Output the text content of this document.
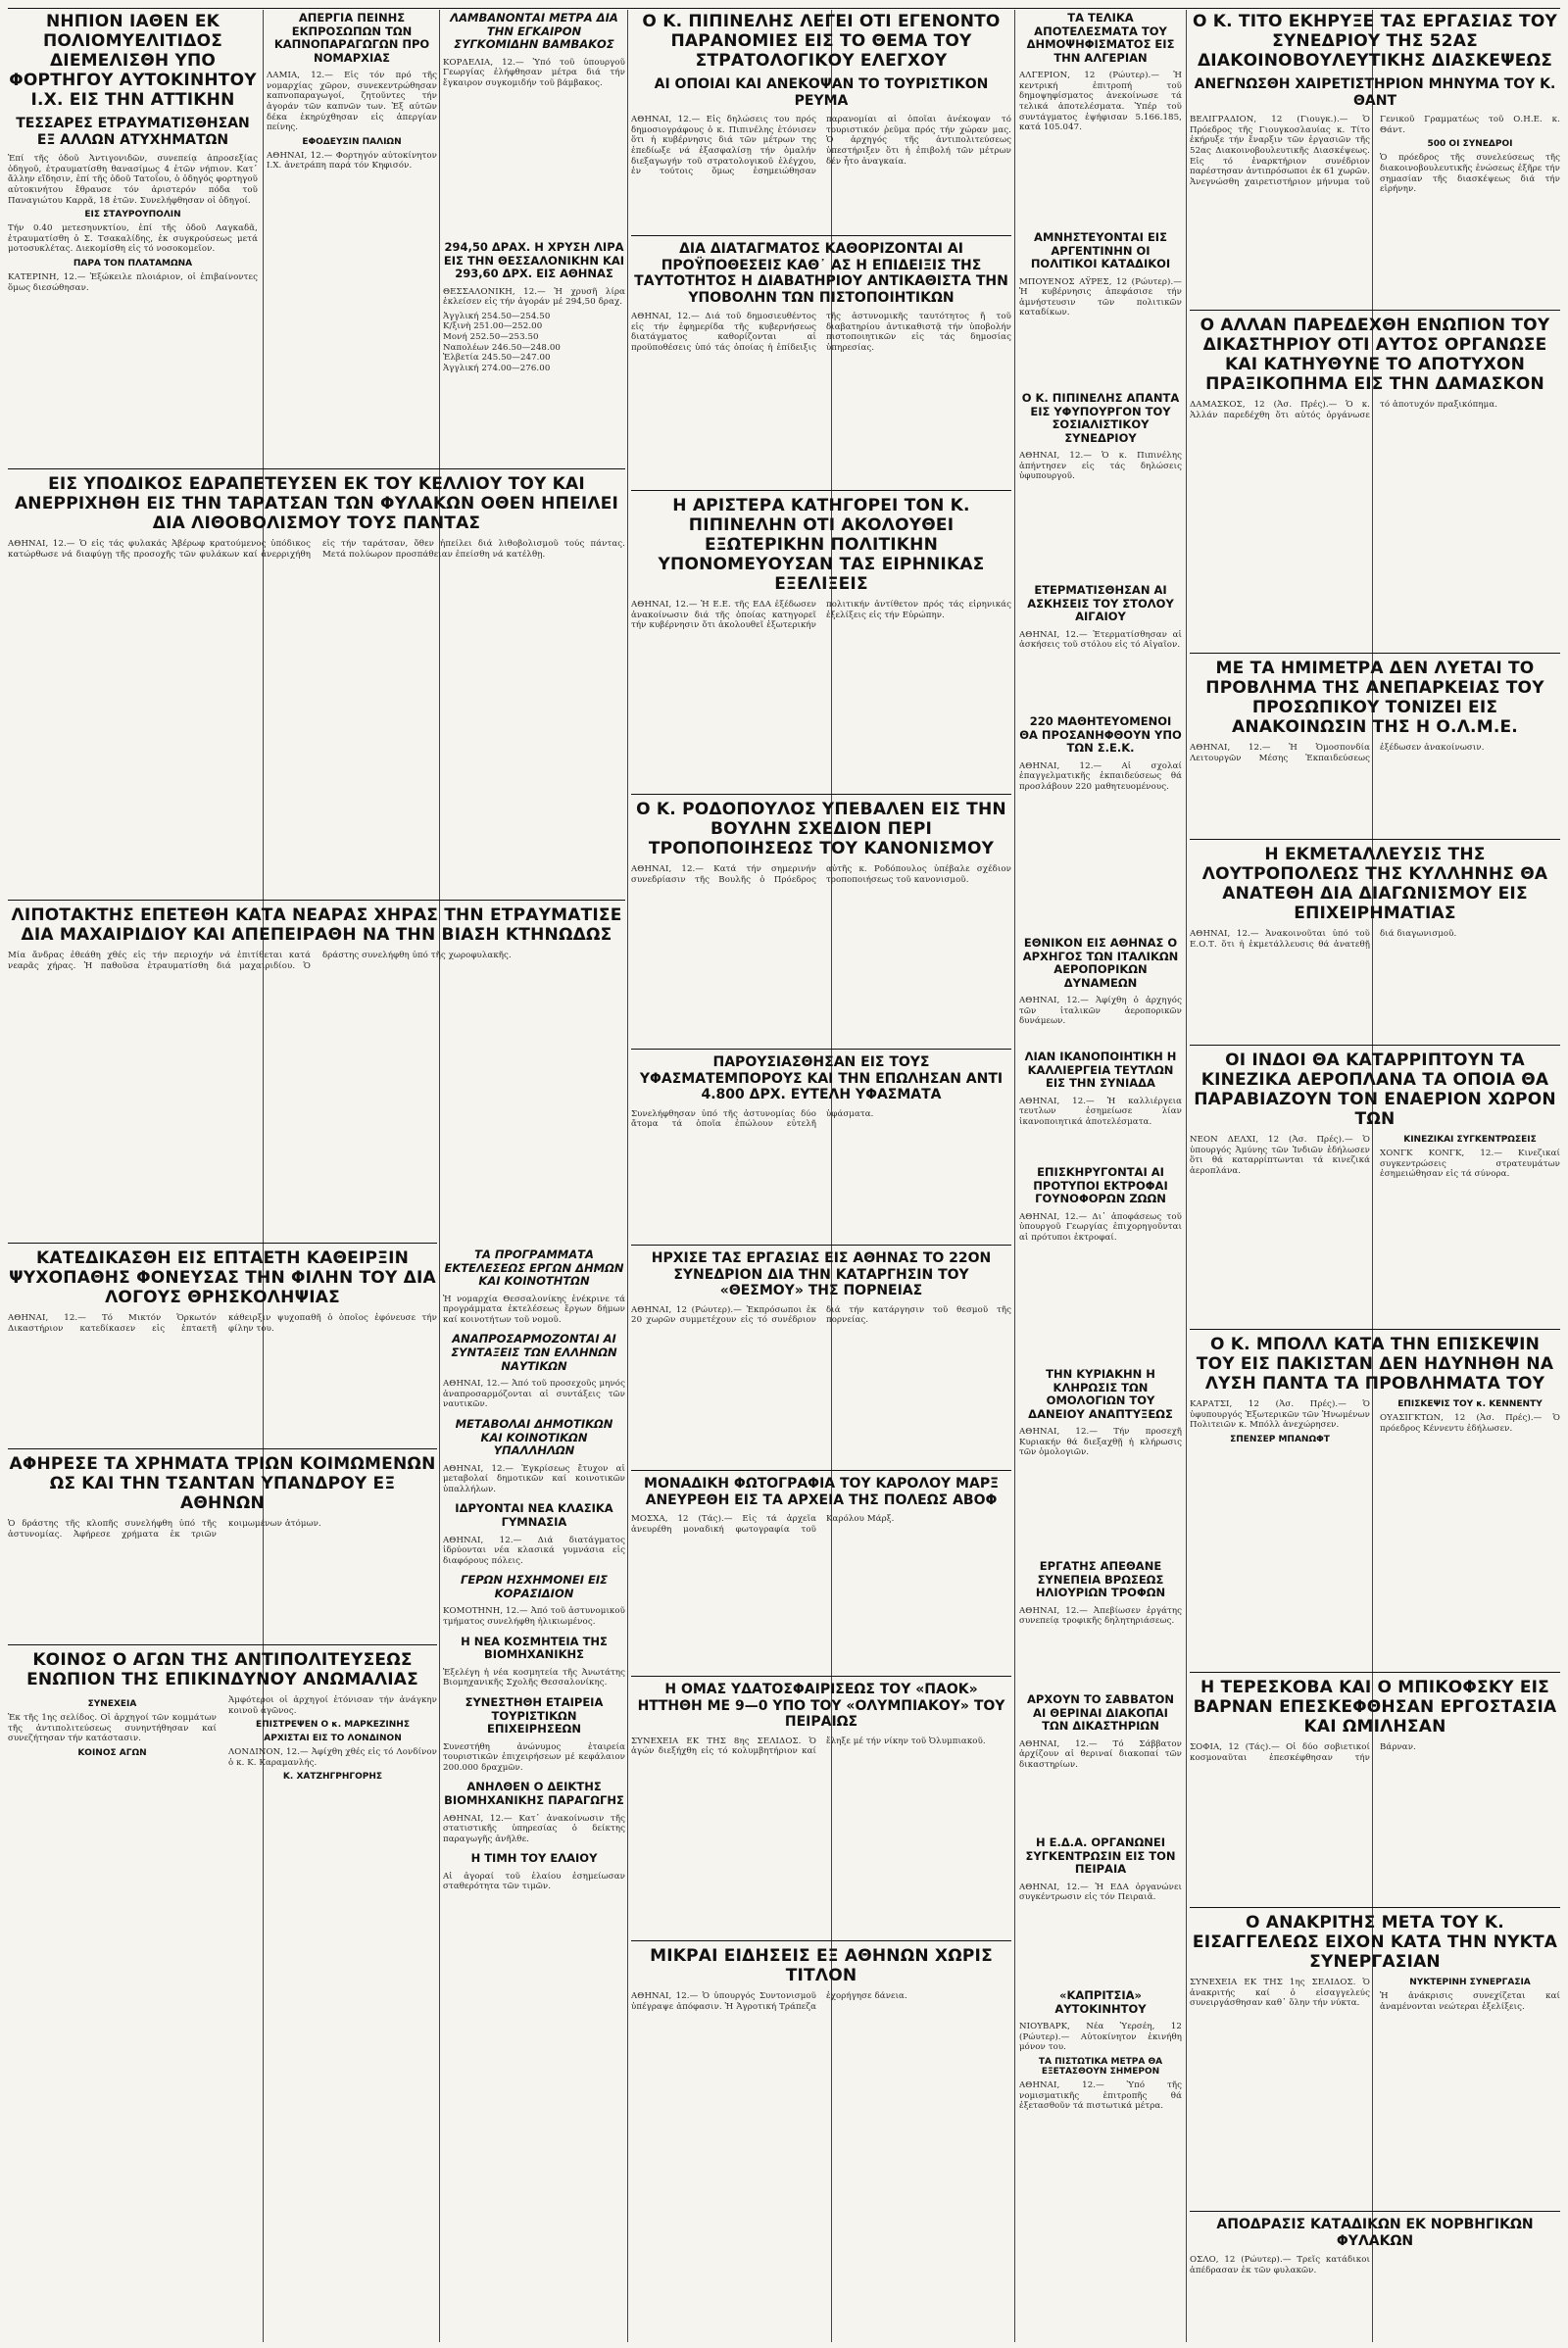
ΝΗΠΙΟΝ ΙΑΘΕΝ ΕΚ ΠΟΛΙΟΜΥΕΛΙΤΙΔΟΣ ΔΙΕΜΕΛΙΣΘΗ ΥΠΟ ΦΟΡΤΗΓΟΥ ΑΥΤΟΚΙΝΗΤΟΥ Ι.Χ. ΕΙΣ ΤΗΝ ΑΤΤΙΚΗΝ
ΤΕΣΣΑΡΕΣ ΕΤΡΑΥΜΑΤΙΣΘΗΣΑΝ ΕΞ ΑΛΛΩΝ ΑΤΥΧΗΜΑΤΩΝ

Ἐπί τῆς ὁδοῦ Ἀντιγονιδῶν, συνεπείᾳ ἀπροσεξίας ὁδηγοῦ, ἐτραυματίσθη θανασίμως 4 ἐτῶν νήπιον. Κατ᾿ ἄλλην εἴδησιν, ἐπί τῆς ὁδοῦ Τατοΐου, ὁ ὁδηγός φορτηγοῦ αὐτοκινήτου ἔθραυσε τόν ἀριστερόν πόδα τοῦ Παναγιώτου Καρρᾶ, 18 ἐτῶν. Συνελήφθησαν οἱ ὁδηγοί.

ΕΙΣ ΣΤΑΥΡΟΥΠΟΛΙΝ

Τήν 0.40 μετεσηυνκτίου, ἐπί τῆς ὁδοῦ Λαγκαδᾶ, ἐτραυματίσθη ὁ Σ. Τσακαλίδης, ἐκ συγκρούσεως μετά μοτοσυκλέτας. Διεκομίσθη εἰς τό νοσοκομεῖον.

ΠΑΡΑ ΤΟΝ ΠΛΑΤΑΜΩΝΑ

ΚΑΤΕΡΙΝΗ, 12.— Ἐξώκειλε πλοιάριον, οἱ ἐπιβαίνοντες ὅμως διεσώθησαν.

ΕΙΣ ΥΠΟΔΙΚΟΣ ΕΔΡΑΠΕΤΕΥΣΕΝ ΕΚ ΤΟΥ ΚΕΛΛΙΟΥ ΤΟΥ ΚΑΙ ΑΝΕΡΡΙΧΗΘΗ ΕΙΣ ΤΗΝ ΤΑΡΑΤΣΑΝ ΤΩΝ ΦΥΛΑΚΩΝ ΟΘΕΝ ΗΠΕΙΛΕΙ ΔΙΑ ΛΙΘΟΒΟΛΙΣΜΟΥ ΤΟΥΣ ΠΑΝΤΑΣ

ΑΘΗΝΑΙ, 12.— Ὁ εἰς τάς φυλακάς Ἀβέρωφ κρατούμενος ὑπόδικος κατώρθωσε νά διαφύγῃ τῆς προσοχῆς τῶν φυλάκων καί ἀνερριχήθη εἰς τήν ταράτσαν, ὅθεν ἠπείλει διά λιθοβολισμοῦ τούς πάντας. Μετά πολύωρον προσπάθειαν ἐπείσθη νά κατέλθῃ.

ΛΙΠΟΤΑΚΤΗΣ ΕΠΕΤΕΘΗ ΚΑΤΑ ΝΕΑΡΑΣ ΧΗΡΑΣ ΤΗΝ ΕΤΡΑΥΜΑΤΙΣΕ ΔΙΑ ΜΑΧΑΙΡΙΔΙΟΥ ΚΑΙ ΑΠΕΠΕΙΡΑΘΗ ΝΑ ΤΗΝ ΒΙΑΣΗ ΚΤΗΝΩΔΩΣ

Μία ἄνδρας ἐθεάθη χθές εἰς τήν περιοχήν νά ἐπιτίθεται κατά νεαρᾶς χήρας. Ἡ παθοῦσα ἐτραυματίσθη διά μαχαιριδίου. Ὁ δράστης συνελήφθη ὑπό τῆς χωροφυλακῆς.

ΚΑΤΕΔΙΚΑΣΘΗ ΕΙΣ ΕΠΤΑΕΤΗ ΚΑΘΕΙΡΞΙΝ ΨΥΧΟΠΑΘΗΣ ΦΟΝΕΥΣΑΣ ΤΗΝ ΦΙΛΗΝ ΤΟΥ ΔΙΑ ΛΟΓΟΥΣ ΘΡΗΣΚΟΛΗΨΙΑΣ

ΑΘΗΝΑΙ, 12.— Τό Μικτόν Ὁρκωτόν Δικαστήριον κατεδίκασεν εἰς ἑπταετῆ κάθειρξιν ψυχοπαθῆ ὁ ὁποῖος ἐφόνευσε τήν φίλην του.

ΑΦΗΡΕΣΕ ΤΑ ΧΡΗΜΑΤΑ ΤΡΙΩΝ ΚΟΙΜΩΜΕΝΩΝ ΩΣ ΚΑΙ ΤΗΝ ΤΣΑΝΤΑΝ ΥΠΑΝΔΡΟΥ ΕΞ ΑΘΗΝΩΝ

Ὁ δράστης τῆς κλοπῆς συνελήφθη ὑπό τῆς ἀστυνομίας. Ἀφήρεσε χρήματα ἐκ τριῶν κοιμωμένων ἀτόμων.

ΚΟΙΝΟΣ Ο ΑΓΩΝ ΤΗΣ ΑΝΤΙΠΟΛΙΤΕΥΣΕΩΣ ΕΝΩΠΙΟΝ ΤΗΣ ΕΠΙΚΙΝΔΥΝΟΥ ΑΝΩΜΑΛΙΑΣ
ΣΥΝΕΧΕΙΑ

Ἐκ τῆς 1ης σελίδος. Οἱ ἀρχηγοί τῶν κομμάτων τῆς ἀντιπολιτεύσεως συνηντήθησαν καί συνεζήτησαν τήν κατάστασιν.

ΚΟΙΝΟΣ ΑΓΩΝ

Ἀμφότεροι οἱ ἀρχηγοί ἐτόνισαν τήν ἀνάγκην κοινοῦ ἀγῶνος.

ΕΠΙΣΤΡΕΨΕΝ Ο κ. ΜΑΡΚΕΖΙΝΗΣ
ΑΡΧΙΣΤΑΙ ΕΙΣ ΤΟ ΛΟΝΔΙΝΟΝ

ΛΟΝΔΙΝΟΝ, 12.— Ἀφίχθη χθές εἰς τό Λονδίνον ὁ κ. Κ. Καραμανλής.

Κ. ΧΑΤΖΗΓΡΗΓΟΡΗΣ
ΑΠΕΡΓΙΑ ΠΕΙΝΗΣ ΕΚΠΡΟΣΩΠΩΝ ΤΩΝ ΚΑΠΝΟΠΑΡΑΓΩΓΩΝ ΠΡΟ ΝΟΜΑΡΧΙΑΣ

ΛΑΜΙΑ, 12.— Εἰς τόν πρό τῆς νομαρχίας χῶρον, συνεκεντρώθησαν καπνοπαραγωγοί, ζητοῦντες τήν ἀγοράν τῶν καπνῶν των. Ἐξ αὐτῶν δέκα ἐκηρύχθησαν εἰς ἀπεργίαν πείνης.

ΕΦΟΔΕΥΣΙΝ ΠΑΛΙΩΝ

ΑΘΗΝΑΙ, 12.— Φορτηγόν αὐτοκίνητον Ι.Χ. ἀνετράπη παρά τόν Κηφισόν.

ΛΑΜΒΑΝΟΝΤΑΙ ΜΕΤΡΑ ΔΙΑ ΤΗΝ ΕΓΚΑΙΡΟΝ ΣΥΓΚΟΜΙΔΗΝ ΒΑΜΒΑΚΟΣ

ΚΟΡΔΕΛΙΑ, 12.— Ὑπό τοῦ ὑπουργοῦ Γεωργίας ἐλήφθησαν μέτρα διά τήν ἔγκαιρον συγκομιδήν τοῦ βάμβακος.

294,50 ΔΡΑΧ. Η ΧΡΥΣΗ ΛΙΡΑ ΕΙΣ ΤΗΝ ΘΕΣΣΑΛΟΝΙΚΗΝ ΚΑΙ 293,60 ΔΡΧ. ΕΙΣ ΑΘΗΝΑΣ

ΘΕΣΣΑΛΟΝΙΚΗ, 12.— Ἡ χρυσῆ λίρα ἐκλείσεν εἰς τήν ἀγοράν μέ 294,50 δραχ.

Ἀγγλική 254.50—254.50
Κ/ξινὴ 251.00—252.00
Μονή 252.50—253.50
Ναπολέων 246.50—248.00
Ἑλβετία 245.50—247.00
Ἀγγλική 274.00—276.00
ΤΑ ΠΡΟΓΡΑΜΜΑΤΑ ΕΚΤΕΛΕΣΕΩΣ ΕΡΓΩΝ ΔΗΜΩΝ ΚΑΙ ΚΟΙΝΟΤΗΤΩΝ

Ἡ νομαρχία Θεσσαλονίκης ἐνέκρινε τά προγράμματα ἐκτελέσεως ἔργων δήμων καί κοινοτήτων τοῦ νομοῦ.

ΑΝΑΠΡΟΣΑΡΜΟΖΟΝΤΑΙ ΑΙ ΣΥΝΤΑΞΕΙΣ ΤΩΝ ΕΛΛΗΝΩΝ ΝΑΥΤΙΚΩΝ

ΑΘΗΝΑΙ, 12.— Ἀπό τοῦ προσεχοῦς μηνός ἀναπροσαρμόζονται αἱ συντάξεις τῶν ναυτικῶν.

ΜΕΤΑΒΟΛΑΙ ΔΗΜΟΤΙΚΩΝ ΚΑΙ ΚΟΙΝΟΤΙΚΩΝ ΥΠΑΛΛΗΛΩΝ

ΑΘΗΝΑΙ, 12.— Ἐγκρίσεως ἔτυχον αἱ μεταβολαί δημοτικῶν καί κοινοτικῶν ὑπαλλήλων.

ΙΔΡΥΟΝΤΑΙ ΝΕΑ ΚΛΑΣΙΚΑ ΓΥΜΝΑΣΙΑ

ΑΘΗΝΑΙ, 12.— Διά διατάγματος ἱδρύονται νέα κλασικά γυμνάσια εἰς διαφόρους πόλεις.

ΓΕΡΩΝ ΗΣΧΗΜΟΝΕΙ ΕΙΣ ΚΟΡΑΣΙΔΙΟΝ

ΚΟΜΟΤΗΝΗ, 12.— Ἀπό τοῦ ἀστυνομικοῦ τμήματος συνελήφθη ἡλικιωμένος.

Η ΝΕΑ ΚΟΣΜΗΤΕΙΑ ΤΗΣ ΒΙΟΜΗΧΑΝΙΚΗΣ

Ἐξελέγη ἡ νέα κοσμητεία τῆς Ἀνωτάτης Βιομηχανικῆς Σχολῆς Θεσσαλονίκης.

ΣΥΝΕΣΤΗΘΗ ΕΤΑΙΡΕΙΑ ΤΟΥΡΙΣΤΙΚΩΝ ΕΠΙΧΕΙΡΗΣΕΩΝ

Συνεστήθη ἀνώνυμος ἑταιρεία τουριστικῶν ἐπιχειρήσεων μέ κεφάλαιον 200.000 δραχμῶν.

ΑΝΗΛΘΕΝ Ο ΔΕΙΚΤΗΣ ΒΙΟΜΗΧΑΝΙΚΗΣ ΠΑΡΑΓΩΓΗΣ

ΑΘΗΝΑΙ, 12.— Κατ᾿ ἀνακοίνωσιν τῆς στατιστικῆς ὑπηρεσίας ὁ δείκτης παραγωγῆς ἀνῆλθε.

Η ΤΙΜΗ ΤΟΥ ΕΛΑΙΟΥ

Αἱ ἀγοραί τοῦ ἐλαίου ἐσημείωσαν σταθερότητα τῶν τιμῶν.

Ο Κ. ΠΙΠΙΝΕΛΗΣ ΛΕΓΕΙ ΟΤΙ ΕΓΕΝΟΝΤΟ ΠΑΡΑΝΟΜΙΕΣ ΕΙΣ ΤΟ ΘΕΜΑ ΤΟΥ ΣΤΡΑΤΟΛΟΓΙΚΟΥ ΕΛΕΓΧΟΥ
ΑΙ ΟΠΟΙΑΙ ΚΑΙ ΑΝΕΚΟΨΑΝ ΤΟ ΤΟΥΡΙΣΤΙΚΟΝ ΡΕΥΜΑ

ΑΘΗΝΑΙ, 12.— Εἰς δηλώσεις του πρός δημοσιογράφους ὁ κ. Πιπινέλης ἐτόνισεν ὅτι ἡ κυβέρνησις διά τῶν μέτρων της ἐπεδίωξε νά ἐξασφαλίσῃ τήν ὁμαλήν διεξαγωγήν τοῦ στρατολογικοῦ ἐλέγχου, ἐν τούτοις ὅμως ἐσημειώθησαν παρανομίαι αἱ ὁποῖαι ἀνέκοψαν τό τουριστικόν ῥεῦμα πρός τήν χώραν μας. Ὁ ἀρχηγός τῆς ἀντιπολιτεύσεως ὑπεστήριξεν ὅτι ἡ ἐπιβολή τῶν μέτρων δέν ἦτο ἀναγκαία.

ΔΙΑ ΔΙΑΤΑΓΜΑΤΟΣ ΚΑΘΟΡΙΖΟΝΤΑΙ ΑΙ ΠΡΟΫΠΟΘΕΣΕΙΣ ΚΑΘ᾿ ΑΣ Η ΕΠΙΔΕΙΞΙΣ ΤΗΣ ΤΑΥΤΟΤΗΤΟΣ Η ΔΙΑΒΑΤΗΡΙΟΥ ΑΝΤΙΚΑΘΙΣΤΑ ΤΗΝ ΥΠΟΒΟΛΗΝ ΤΩΝ ΠΙΣΤΟΠΟΙΗΤΙΚΩΝ

ΑΘΗΝΑΙ, 12.— Διά τοῦ δημοσιευθέντος εἰς τήν ἐφημερίδα τῆς κυβερνήσεως διατάγματος καθορίζονται αἱ προϋποθέσεις ὑπό τάς ὁποίας ἡ ἐπίδειξις τῆς ἀστυνομικῆς ταυτότητος ἤ τοῦ διαβατηρίου ἀντικαθιστᾷ τήν ὑποβολήν πιστοποιητικῶν εἰς τάς δημοσίας ὑπηρεσίας.

Η ΑΡΙΣΤΕΡΑ ΚΑΤΗΓΟΡΕΙ ΤΟΝ Κ. ΠΙΠΙΝΕΛΗΝ ΟΤΙ ΑΚΟΛΟΥΘΕΙ ΕΞΩΤΕΡΙΚΗΝ ΠΟΛΙΤΙΚΗΝ ΥΠΟΝΟΜΕΥΟΥΣΑΝ ΤΑΣ ΕΙΡΗΝΙΚΑΣ ΕΞΕΛΙΞΕΙΣ

ΑΘΗΝΑΙ, 12.— Ἡ Ε.Ε. τῆς ΕΔΑ ἐξέδωσεν ἀνακοίνωσιν διά τῆς ὁποίας κατηγορεῖ τήν κυβέρνησιν ὅτι ἀκολουθεῖ ἐξωτερικήν πολιτικήν ἀντίθετον πρός τάς εἰρηνικάς ἐξελίξεις εἰς τήν Εὐρώπην.

Ο Κ. ΡΟΔΟΠΟΥΛΟΣ ΥΠΕΒΑΛΕΝ ΕΙΣ ΤΗΝ ΒΟΥΛΗΝ ΣΧΕΔΙΟΝ ΠΕΡΙ ΤΡΟΠΟΠΟΙΗΣΕΩΣ ΤΟΥ ΚΑΝΟΝΙΣΜΟΥ

ΑΘΗΝΑΙ, 12.— Κατά τήν σημερινήν συνεδρίασιν τῆς Βουλῆς ὁ Πρόεδρος αὐτῆς κ. Ροδόπουλος ὑπέβαλε σχέδιον τροποποιήσεως τοῦ κανονισμοῦ.

ΠΑΡΟΥΣΙΑΣΘΗΣΑΝ ΕΙΣ ΤΟΥΣ ΥΦΑΣΜΑΤΕΜΠΟΡΟΥΣ ΚΑΙ ΤΗΝ ΕΠΩΛΗΣΑΝ ΑΝΤΙ 4.800 ΔΡΧ. ΕΥΤΕΛΗ ΥΦΑΣΜΑΤΑ

Συνελήφθησαν ὑπό τῆς ἀστυνομίας δύο ἄτομα τά ὁποῖα ἐπώλουν εὐτελῆ ὑφάσματα.

ΗΡΧΙΣΕ ΤΑΣ ΕΡΓΑΣΙΑΣ ΕΙΣ ΑΘΗΝΑΣ ΤΟ 22ΟΝ ΣΥΝΕΔΡΙΟΝ ΔΙΑ ΤΗΝ ΚΑΤΑΡΓΗΣΙΝ ΤΟΥ «ΘΕΣΜΟΥ» ΤΗΣ ΠΟΡΝΕΙΑΣ

ΑΘΗΝΑΙ, 12 (Ρώυτερ).— Ἐκπρόσωποι ἐκ 20 χωρῶν συμμετέχουν εἰς τό συνέδριον διά τήν κατάργησιν τοῦ θεσμοῦ τῆς πορνείας.

ΜΟΝΑΔΙΚΗ ΦΩΤΟΓΡΑΦΙΑ ΤΟΥ ΚΑΡΟΛΟΥ ΜΑΡΞ ΑΝΕΥΡΕΘΗ ΕΙΣ ΤΑ ΑΡΧΕΙΑ ΤΗΣ ΠΟΛΕΩΣ ΑΒΟΦ

ΜΟΣΧΑ, 12 (Τάς).— Εἰς τά ἀρχεῖα ἀνευρέθη μοναδική φωτογραφία τοῦ Καρόλου Μάρξ.

Η ΟΜΑΣ ΥΔΑΤΟΣΦΑΙΡΙΣΕΩΣ ΤΟΥ «ΠΑΟΚ» ΗΤΤΗΘΗ ΜΕ 9—0 ΥΠΟ ΤΟΥ «ΟΛΥΜΠΙΑΚΟΥ» ΤΟΥ ΠΕΙΡΑΙΩΣ

ΣΥΝΕΧΕΙΑ ΕΚ ΤΗΣ 8ης ΣΕΛΙΔΟΣ. Ὁ ἀγών διεξήχθη εἰς τό κολυμβητήριον καί ἔληξε μέ τήν νίκην τοῦ Ὀλυμπιακοῦ.

ΜΙΚΡΑΙ ΕΙΔΗΣΕΙΣ ΕΞ ΑΘΗΝΩΝ ΧΩΡΙΣ ΤΙΤΛΟΝ

ΑΘΗΝΑΙ, 12.— Ὁ ὑπουργός Συντονισμοῦ ὑπέγραψε ἀπόφασιν. Ἡ Ἀγροτική Τράπεζα ἐχορήγησε δάνεια.

ΤΑ ΤΕΛΙΚΑ ΑΠΟΤΕΛΕΣΜΑΤΑ ΤΟΥ ΔΗΜΟΨΗΦΙΣΜΑΤΟΣ ΕΙΣ ΤΗΝ ΑΛΓΕΡΙΑΝ

ΑΛΓΕΡΙΟΝ, 12 (Ρώυτερ).— Ἡ κεντρική ἐπιτροπή τοῦ δημοψηφίσματος ἀνεκοίνωσε τά τελικά ἀποτελέσματα. Ὑπέρ τοῦ συντάγματος ἐψήφισαν 5.166.185, κατά 105.047.

ΑΜΝΗΣΤΕΥΟΝΤΑΙ ΕΙΣ ΑΡΓΕΝΤΙΝΗΝ ΟΙ ΠΟΛΙΤΙΚΟΙ ΚΑΤΑΔΙΚΟΙ

ΜΠΟΥΕΝΟΣ ΑΫΡΕΣ, 12 (Ρώυτερ).— Ἡ κυβέρνησις ἀπεφάσισε τήν ἀμνήστευσιν τῶν πολιτικῶν καταδίκων.

Ο Κ. ΠΙΠΙΝΕΛΗΣ ΑΠΑΝΤΑ ΕΙΣ ΥΦΥΠΟΥΡΓΟΝ ΤΟΥ ΣΟΣΙΑΛΙΣΤΙΚΟΥ ΣΥΝΕΔΡΙΟΥ

ΑΘΗΝΑΙ, 12.— Ὁ κ. Πιπινέλης ἀπήντησεν εἰς τάς δηλώσεις ὑφυπουργοῦ.

ΕΤΕΡΜΑΤΙΣΘΗΣΑΝ ΑΙ ΑΣΚΗΣΕΙΣ ΤΟΥ ΣΤΟΛΟΥ ΑΙΓΑΙΟΥ

ΑΘΗΝΑΙ, 12.— Ἐτερματίσθησαν αἱ ἀσκήσεις τοῦ στόλου εἰς τό Αἰγαῖον.

220 ΜΑΘΗΤΕΥΟΜΕΝΟΙ ΘΑ ΠΡΟΣΑΝΗΦΘΟΥΝ ΥΠΟ ΤΩΝ Σ.Ε.Κ.

ΑΘΗΝΑΙ, 12.— Αἱ σχολαί ἐπαγγελματικῆς ἐκπαιδεύσεως θά προσλάβουν 220 μαθητευομένους.

ΕΘΝΙΚΟΝ ΕΙΣ ΑΘΗΝΑΣ Ο ΑΡΧΗΓΟΣ ΤΩΝ ΙΤΑΛΙΚΩΝ ΑΕΡΟΠΟΡΙΚΩΝ ΔΥΝΑΜΕΩΝ

ΑΘΗΝΑΙ, 12.— Ἀφίχθη ὁ ἀρχηγός τῶν ἰταλικῶν ἀεροπορικῶν δυνάμεων.

ΛΙΑΝ ΙΚΑΝΟΠΟΙΗΤΙΚΗ Η ΚΑΛΛΙΕΡΓΕΙΑ ΤΕΥΤΛΩΝ ΕΙΣ ΤΗΝ ΣΥΝΙΑΔΑ

ΑΘΗΝΑΙ, 12.— Ἡ καλλιέργεια τευτλων ἐσημείωσε λίαν ἱκανοποιητικά ἀποτελέσματα.

ΕΠΙΣΚΗΡΥΓΟΝΤΑΙ ΑΙ ΠΡΟΤΥΠΟΙ ΕΚΤΡΟΦΑΙ ΓΟΥΝΟΦΟΡΩΝ ΖΩΩΝ

ΑΘΗΝΑΙ, 12.— Δι᾿ ἀποφάσεως τοῦ ὑπουργοῦ Γεωργίας ἐπιχορηγοῦνται αἱ πρότυποι ἐκτροφαί.

ΤΗΝ ΚΥΡΙΑΚΗΝ Η ΚΛΗΡΩΣΙΣ ΤΩΝ ΟΜΟΛΟΓΙΩΝ ΤΟΥ ΔΑΝΕΙΟΥ ΑΝΑΠΤΥΞΕΩΣ

ΑΘΗΝΑΙ, 12.— Τήν προσεχῆ Κυριακήν θά διεξαχθῇ ἡ κλήρωσις τῶν ὁμολογιῶν.

ΕΡΓΑΤΗΣ ΑΠΕΘΑΝΕ ΣΥΝΕΠΕΙΑ ΒΡΩΣΕΩΣ ΗΛΙΟΥΡΙΩΝ ΤΡΟΦΩΝ

ΑΘΗΝΑΙ, 12.— Ἀπεβίωσεν ἐργάτης συνεπείᾳ τροφικῆς δηλητηριάσεως.

ΑΡΧΟΥΝ ΤΟ ΣΑΒΒΑΤΟΝ ΑΙ ΘΕΡΙΝΑΙ ΔΙΑΚΟΠΑΙ ΤΩΝ ΔΙΚΑΣΤΗΡΙΩΝ

ΑΘΗΝΑΙ, 12.— Τό Σάββατον ἀρχίζουν αἱ θεριναί διακοπαί τῶν δικαστηρίων.

Η Ε.Δ.Α. ΟΡΓΑΝΩΝΕΙ ΣΥΓΚΕΝΤΡΩΣΙΝ ΕΙΣ ΤΟΝ ΠΕΙΡΑΙΑ

ΑΘΗΝΑΙ, 12.— Ἡ ΕΔΑ ὀργανώνει συγκέντρωσιν εἰς τόν Πειραιᾶ.

«ΚΑΠΡΙΤΣΙΑ» ΑΥΤΟΚΙΝΗΤΟΥ

ΝΙΟΥΒΑΡΚ, Νέα Ὑερσέη, 12 (Ρώυτερ).— Αὐτοκίνητον ἐκινήθη μόνον του.

ΤΑ ΠΙΣΤΩΤΙΚΑ ΜΕΤΡΑ ΘΑ ΕΞΕΤΑΣΘΟΥΝ ΣΗΜΕΡΟΝ

ΑΘΗΝΑΙ, 12.— Ὑπό τῆς νομισματικῆς ἐπιτροπῆς θά ἐξετασθοῦν τά πιστωτικά μέτρα.

Ο Κ. ΤΙΤΟ ΕΚΗΡΥΞΕ ΤΑΣ ΕΡΓΑΣΙΑΣ ΤΟΥ ΣΥΝΕΔΡΙΟΥ ΤΗΣ 52ΑΣ ΔΙΑΚΟΙΝΟΒΟΥΛΕΥΤΙΚΗΣ ΔΙΑΣΚΕΨΕΩΣ
ΑΝΕΓΝΩΣΘΗ ΧΑΙΡΕΤΙΣΤΗΡΙΟΝ ΜΗΝΥΜΑ ΤΟΥ Κ. ΘΑΝΤ

ΒΕΛΙΓΡΑΔΙΟΝ, 12 (Γιουγκ.).— Ὁ Πρόεδρος τῆς Γιουγκοσλαυίας κ. Τίτο ἐκήρυξε τήν ἔναρξιν τῶν ἐργασιῶν τῆς 52ας Διακοινοβουλευτικῆς Διασκέψεως. Εἰς τό ἐναρκτήριον συνέδριον παρέστησαν ἀντιπρόσωποι ἐκ 61 χωρῶν. Ἀνεγνώσθη χαιρετιστήριον μήνυμα τοῦ Γενικοῦ Γραμματέως τοῦ Ο.Η.Ε. κ. Θάντ.

500 ΟΙ ΣΥΝΕΔΡΟΙ

Ὁ πρόεδρος τῆς συνελεύσεως τῆς διακοινοβουλευτικῆς ἐνώσεως ἐξῆρε τήν σημασίαν τῆς διασκέψεως διά τήν εἰρήνην.

Ο ΑΛΛΑΝ ΠΑΡΕΔΕΧΘΗ ΕΝΩΠΙΟΝ ΤΟΥ ΔΙΚΑΣΤΗΡΙΟΥ ΟΤΙ ΑΥΤΟΣ ΟΡΓΑΝΩΣΕ ΚΑΙ ΚΑΤΗΥΘΥΝΕ ΤΟ ΑΠΟΤΥΧΟΝ ΠΡΑΞΙΚΟΠΗΜΑ ΕΙΣ ΤΗΝ ΔΑΜΑΣΚΟΝ

ΔΑΜΑΣΚΟΣ, 12 (Ἀσ. Πρές).— Ὁ κ. Ἀλλάν παρεδέχθη ὅτι αὐτός ὀργάνωσε τό ἀποτυχόν πραξικόπημα.

ΜΕ ΤΑ ΗΜΙΜΕΤΡΑ ΔΕΝ ΛΥΕΤΑΙ ΤΟ ΠΡΟΒΛΗΜΑ ΤΗΣ ΑΝΕΠΑΡΚΕΙΑΣ ΤΟΥ ΠΡΟΣΩΠΙΚΟΥ ΤΟΝΙΖΕΙ ΕΙΣ ΑΝΑΚΟΙΝΩΣΙΝ ΤΗΣ Η Ο.Λ.Μ.Ε.

ΑΘΗΝΑΙ, 12.— Ἡ Ὁμοσπονδία Λειτουργῶν Μέσης Ἐκπαιδεύσεως ἐξέδωσεν ἀνακοίνωσιν.

Η ΕΚΜΕΤΑΛΛΕΥΣΙΣ ΤΗΣ ΛΟΥΤΡΟΠΟΛΕΩΣ ΤΗΣ ΚΥΛΛΗΝΗΣ ΘΑ ΑΝΑΤΕΘΗ ΔΙΑ ΔΙΑΓΩΝΙΣΜΟΥ ΕΙΣ ΕΠΙΧΕΙΡΗΜΑΤΙΑΣ

ΑΘΗΝΑΙ, 12.— Ἀνακοινοῦται ὑπό τοῦ Ε.Ο.Τ. ὅτι ἡ ἐκμετάλλευσις θά ἀνατεθῇ διά διαγωνισμοῦ.

ΟΙ ΙΝΔΟΙ ΘΑ ΚΑΤΑΡΡΙΠΤΟΥΝ ΤΑ ΚΙΝΕΖΙΚΑ ΑΕΡΟΠΛΑΝΑ ΤΑ ΟΠΟΙΑ ΘΑ ΠΑΡΑΒΙΑΖΟΥΝ ΤΟΝ ΕΝΑΕΡΙΟΝ ΧΩΡΟΝ ΤΩΝ

ΝΕΟΝ ΔΕΛΧΙ, 12 (Ἀσ. Πρές).— Ὁ ὑπουργός Ἀμύνης τῶν Ἰνδιῶν ἐδήλωσεν ὅτι θά καταρρίπτωνται τά κινεζικά ἀεροπλάνα.

ΚΙΝΕΖΙΚΑΙ ΣΥΓΚΕΝΤΡΩΣΕΙΣ

ΧΟΝΓΚ ΚΟΝΓΚ, 12.— Κινεζικαί συγκεντρώσεις στρατευμάτων ἐσημειώθησαν εἰς τά σύνορα.

Ο Κ. ΜΠΟΛΛ ΚΑΤΑ ΤΗΝ ΕΠΙΣΚΕΨΙΝ ΤΟΥ ΕΙΣ ΠΑΚΙΣΤΑΝ ΔΕΝ ΗΔΥΝΗΘΗ ΝΑ ΛΥΣΗ ΠΑΝΤΑ ΤΑ ΠΡΟΒΛΗΜΑΤΑ ΤΟΥ

ΚΑΡΑΤΣΙ, 12 (Ἀσ. Πρές).— Ὁ ὑφυπουργός Ἐξωτερικῶν τῶν Ἡνωμένων Πολιτειῶν κ. Μπόλλ ἀνεχώρησεν.

ΣΠΕΝΣΕΡ ΜΠΑΝΩΦΤ
ΕΠΙΣΚΕΨΙΣ ΤΟΥ κ. ΚΕΝΝΕΝΤΥ

ΟΥΑΣΙΓΚΤΩΝ, 12 (Ἀσ. Πρές).— Ὁ πρόεδρος Κέννεντυ ἐδήλωσεν.

Η ΤΕΡΕΣΚΟΒΑ ΚΑΙ Ο ΜΠΙΚΟΦΣΚΥ ΕΙΣ ΒΑΡΝΑΝ ΕΠΕΣΚΕΦΘΗΣΑΝ ΕΡΓΟΣΤΑΣΙΑ ΚΑΙ ΩΜΙΛΗΣΑΝ

ΣΟΦΙΑ, 12 (Τάς).— Οἱ δύο σοβιετικοί κοσμοναῦται ἐπεσκέφθησαν τήν Βάρναν.

Ο ΑΝΑΚΡΙΤΗΣ ΜΕΤΑ ΤΟΥ Κ. ΕΙΣΑΓΓΕΛΕΩΣ ΕΙΧΟΝ ΚΑΤΑ ΤΗΝ ΝΥΚΤΑ ΣΥΝΕΡΓΑΣΙΑΝ

ΣΥΝΕΧΕΙΑ ΕΚ ΤΗΣ 1ης ΣΕΛΙΔΟΣ. Ὁ ἀνακριτής καί ὁ εἰσαγγελεύς συνειργάσθησαν καθ᾿ ὅλην τήν νύκτα.

ΝΥΚΤΕΡΙΝΗ ΣΥΝΕΡΓΑΣΙΑ

Ἡ ἀνάκρισις συνεχίζεται καί ἀναμένονται νεώτεραι ἐξελίξεις.

ΑΠΟΔΡΑΣΙΣ ΚΑΤΑΔΙΚΩΝ ΕΚ ΝΟΡΒΗΓΙΚΩΝ ΦΥΛΑΚΩΝ

ΟΣΛΟ, 12 (Ρώυτερ).— Τρεῖς κατάδικοι ἀπέδρασαν ἐκ τῶν φυλακῶν.
